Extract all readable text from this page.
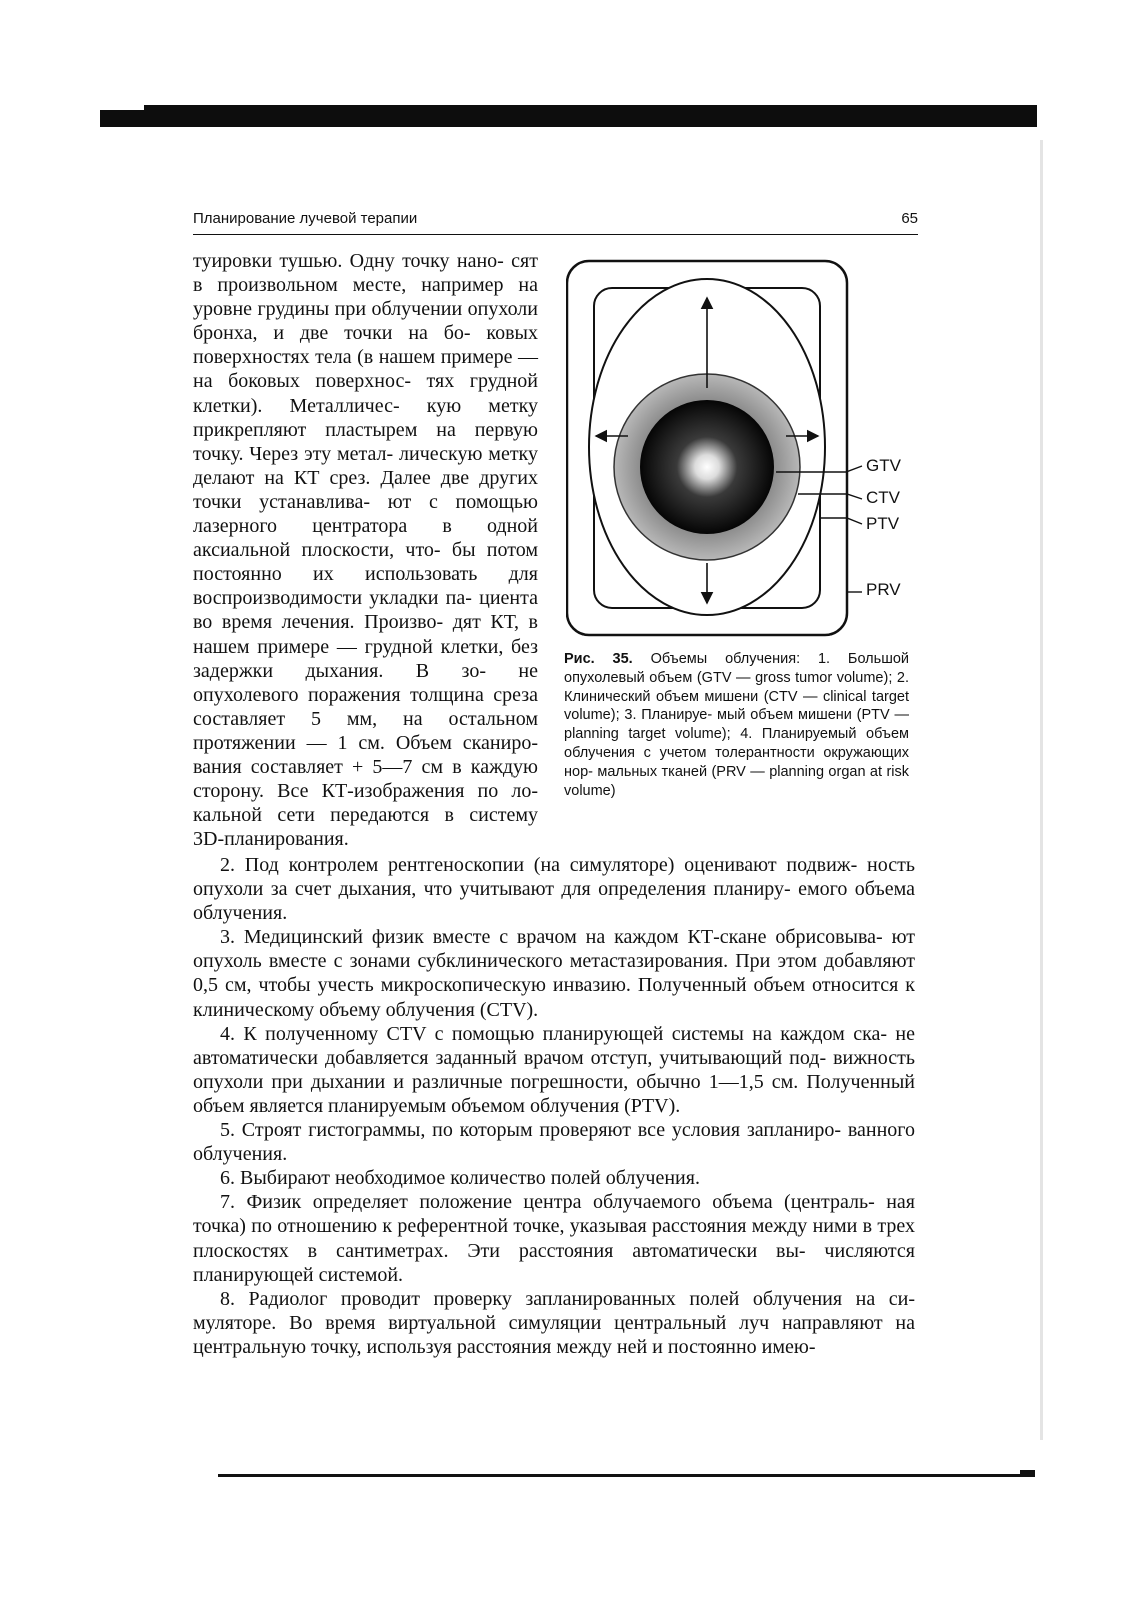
Планирование лучевой терапии	65
туировки тушью. Одну точку нано- сят в произвольном месте, например на уровне грудины при облучении опухоли бронха, и две точки на бо- ковых поверхностях тела (в нашем примере — на боковых поверхнос- тях грудной клетки). Металличес- кую метку прикрепляют пластырем на первую точку. Через эту метал- лическую метку делают на КТ срез. Далее две других точки устанавлива- ют с помощью лазерного центратора в одной аксиальной плоскости, что- бы потом постоянно их использовать для воспроизводимости укладки па- циента во время лечения. Произво- дят КТ, в нашем примере — грудной клетки, без задержки дыхания. В зо- не опухолевого поражения толщина среза составляет 5 мм, на остальном протяжении — 1 см. Объем сканиро- вания составляет + 5—7 см в каждую сторону. Все КТ-изображения по ло- кальной сети передаются в систему
3D-планирования.
GTV
CTV
PTV
PRV
Рис. 35. Объемы облучения: 1. Большой опухолевый объем (GTV — gross tumor volume); 2. Клинический объем мишени (CTV — clinical target volume); 3. Планируе- мый объем мишени (PTV — planning target volume); 4. Планируемый объем облучения с учетом толерантности окружающих нор- мальных тканей (PRV — planning organ at risk volume)

2. Под контролем рентгеноскопии (на симуляторе) оценивают подвиж- ность опухоли за счет дыхания, что учитывают для определения планиру- емого объема облучения.

3. Медицинский физик вместе с врачом на каждом КТ-скане обрисовыва- ют опухоль вместе с зонами субклинического метастазирования. При этом добавляют 0,5 см, чтобы учесть микроскопическую инвазию. Полученный объем относится к клиническому объему облучения (CTV).

4. К полученному CTV с помощью планирующей системы на каждом ска- не автоматически добавляется заданный врачом отступ, учитывающий под- вижность опухоли при дыхании и различные погрешности, обычно 1—1,5 см. Полученный объем является планируемым объемом облучения (PTV).

5. Строят гистограммы, по которым проверяют все условия запланиро- ванного облучения.

6. Выбирают необходимое количество полей облучения.

7. Физик определяет положение центра облучаемого объема (централь- ная точка) по отношению к референтной точке, указывая расстояния между ними в трех плоскостях в сантиметрах. Эти расстояния автоматически вы- числяются планирующей системой.

8. Радиолог проводит проверку запланированных полей облучения на си- муляторе. Во время виртуальной симуляции центральный луч направляют на центральную точку, используя расстояния между ней и постоянно имею-
